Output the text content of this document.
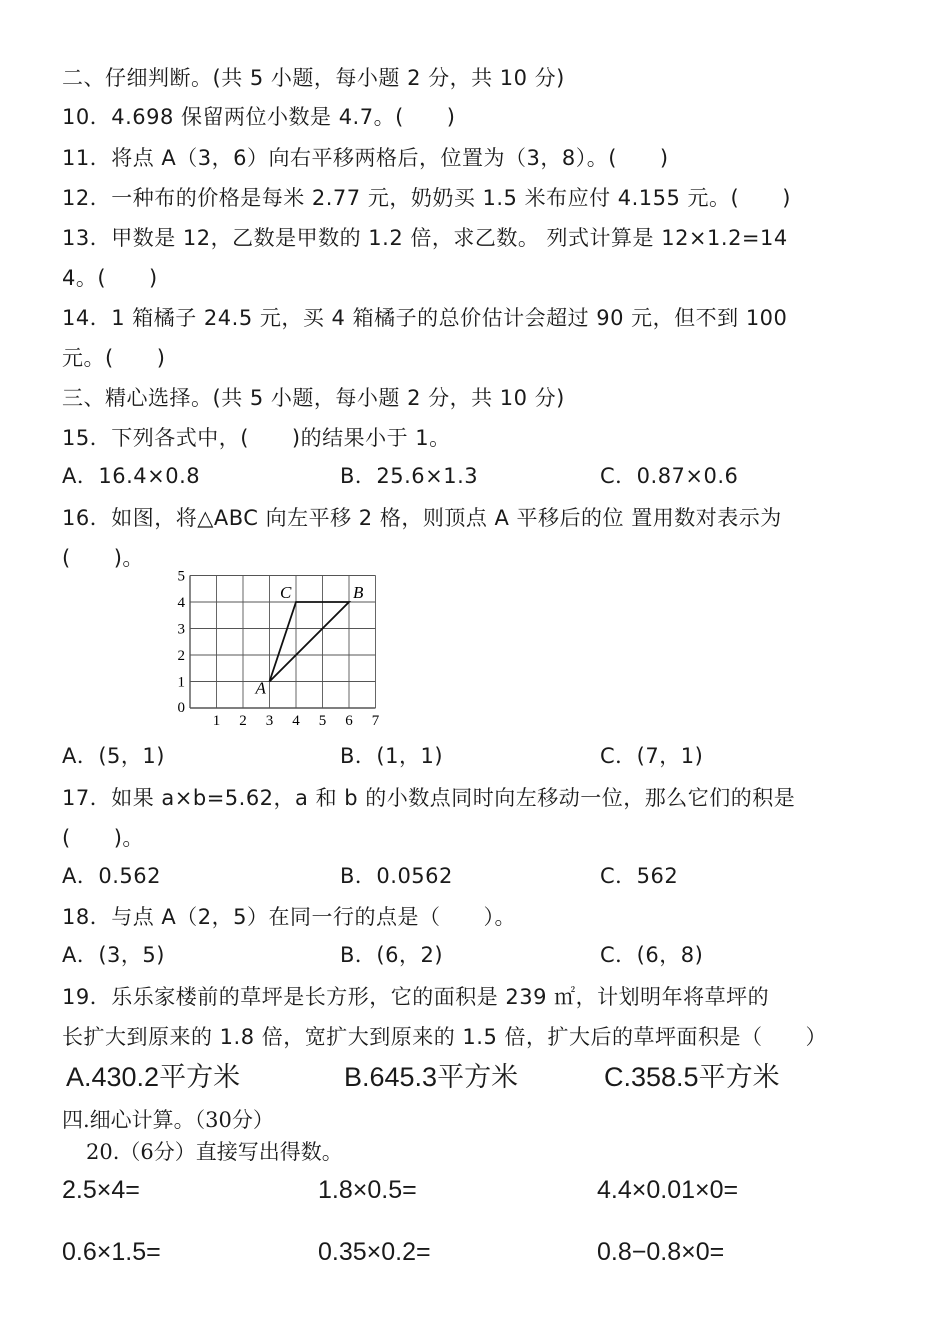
二、仔细判断。(共 5 小题，每小题 2 分，共 10 分)
10．4.698 保留两位小数是 4.7。(　　)
11．将点 A（3，6）向右平移两格后，位置为（3，8）。(　　)
12．一种布的价格是每米 2.77 元，奶奶买 1.5 米布应付 4.155 元。(　　)
13．甲数是 12，乙数是甲数的 1.2 倍，求乙数。 列式计算是 12×1.2=14
4。(　　)
14．1 箱橘子 24.5 元，买 4 箱橘子的总价估计会超过 90 元，但不到 100
元。(　　)
三、精心选择。(共 5 小题，每小题 2 分，共 10 分)
15．下列各式中，(　　)的结果小于 1。
A．16.4×0.8	B．25.6×1.3	C．0.87×0.6
16．如图，将△ABC 向左平移 2 格，则顶点 A 平移后的位 置用数对表示为
(　　)。
1 2 3 4 5 6 7
1
2
3
4
5
0
A
B
C
A．(5，1)	B．(1，1)	C．(7，1)
17．如果 a×b=5.62，a 和 b 的小数点同时向左移动一位，那么它们的积是
(　　)。
A．0.562	B．0.0562	C．562
18．与点 A（2，5）在同一行的点是（　　）。
A．(3，5)	B．(6，2)	C．(6，8)
19．乐乐家楼前的草坪是长方形，它的面积是 239 ㎡，计划明年将草坪的
长扩大到原来的 1.8 倍，宽扩大到原来的 1.5 倍，扩大后的草坪面积是（　　）
A.430.2平方米	B.645.3平方米	C.358.5平方米
四.细心计算。（30分）
20.（6分）直接写出得数。
2.5×4=	1.8×0.5=	4.4×0.01×0=
0.6×1.5=	0.35×0.2=	0.8−0.8×0=
